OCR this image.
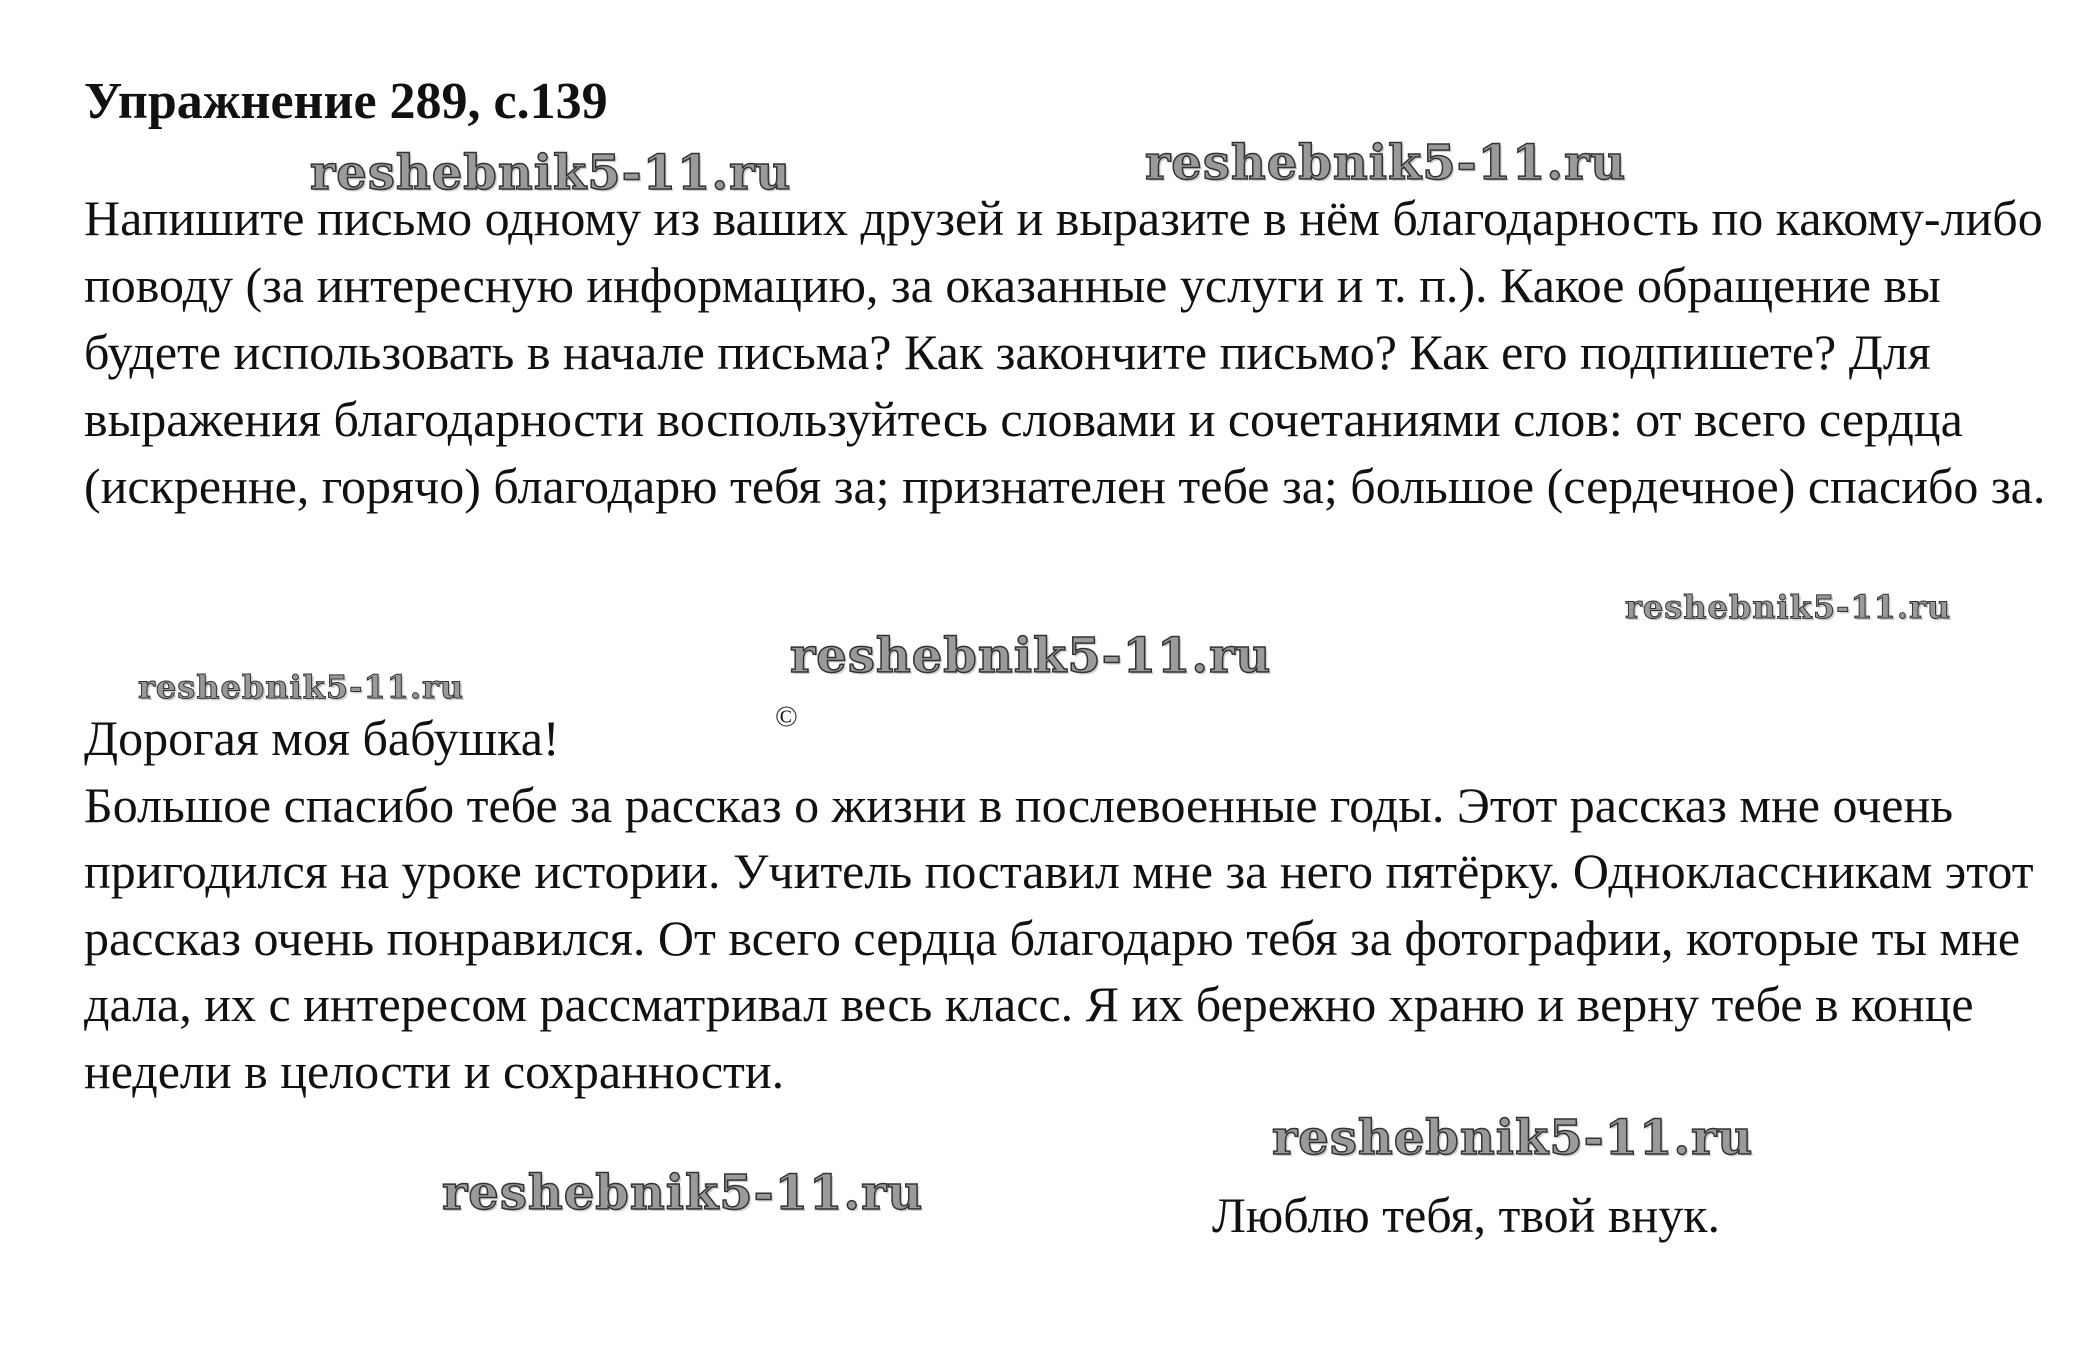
Упражнение 289, с.139

Напишите письмо одному из ваших друзей и выразите в нём благодарность по какому-либо поводу (за интересную информацию, за оказанные услуги и т. п.). Какое обращение вы будете использовать в начале письма? Как закончите письмо? Как его подпишете? Для выражения благодарности воспользуйтесь словами и сочетаниями слов: от всего сердца (искренне, горячо) благодарю тебя за; признателен тебе за; большое (сердечное) спасибо за.

Дорогая моя бабушка!

Большое спасибо тебе за рассказ о жизни в послевоенные годы. Этот рассказ мне очень пригодился на уроке истории. Учитель поставил мне за него пятёрку. Одноклассникам этот рассказ очень понравился. От всего сердца благодарю тебя за фотографии, которые ты мне дала, их с интересом рассматривал весь класс. Я их бережно храню и верну тебе в конце недели в целости и сохранности.

Люблю тебя, твой внук.
reshebnik5-11.ru	reshebnik5-11.ru
reshebnik5-11.ru
reshebnik5-11.ru
reshebnik5-11.ru
©
reshebnik5-11.ru
reshebnik5-11.ru
